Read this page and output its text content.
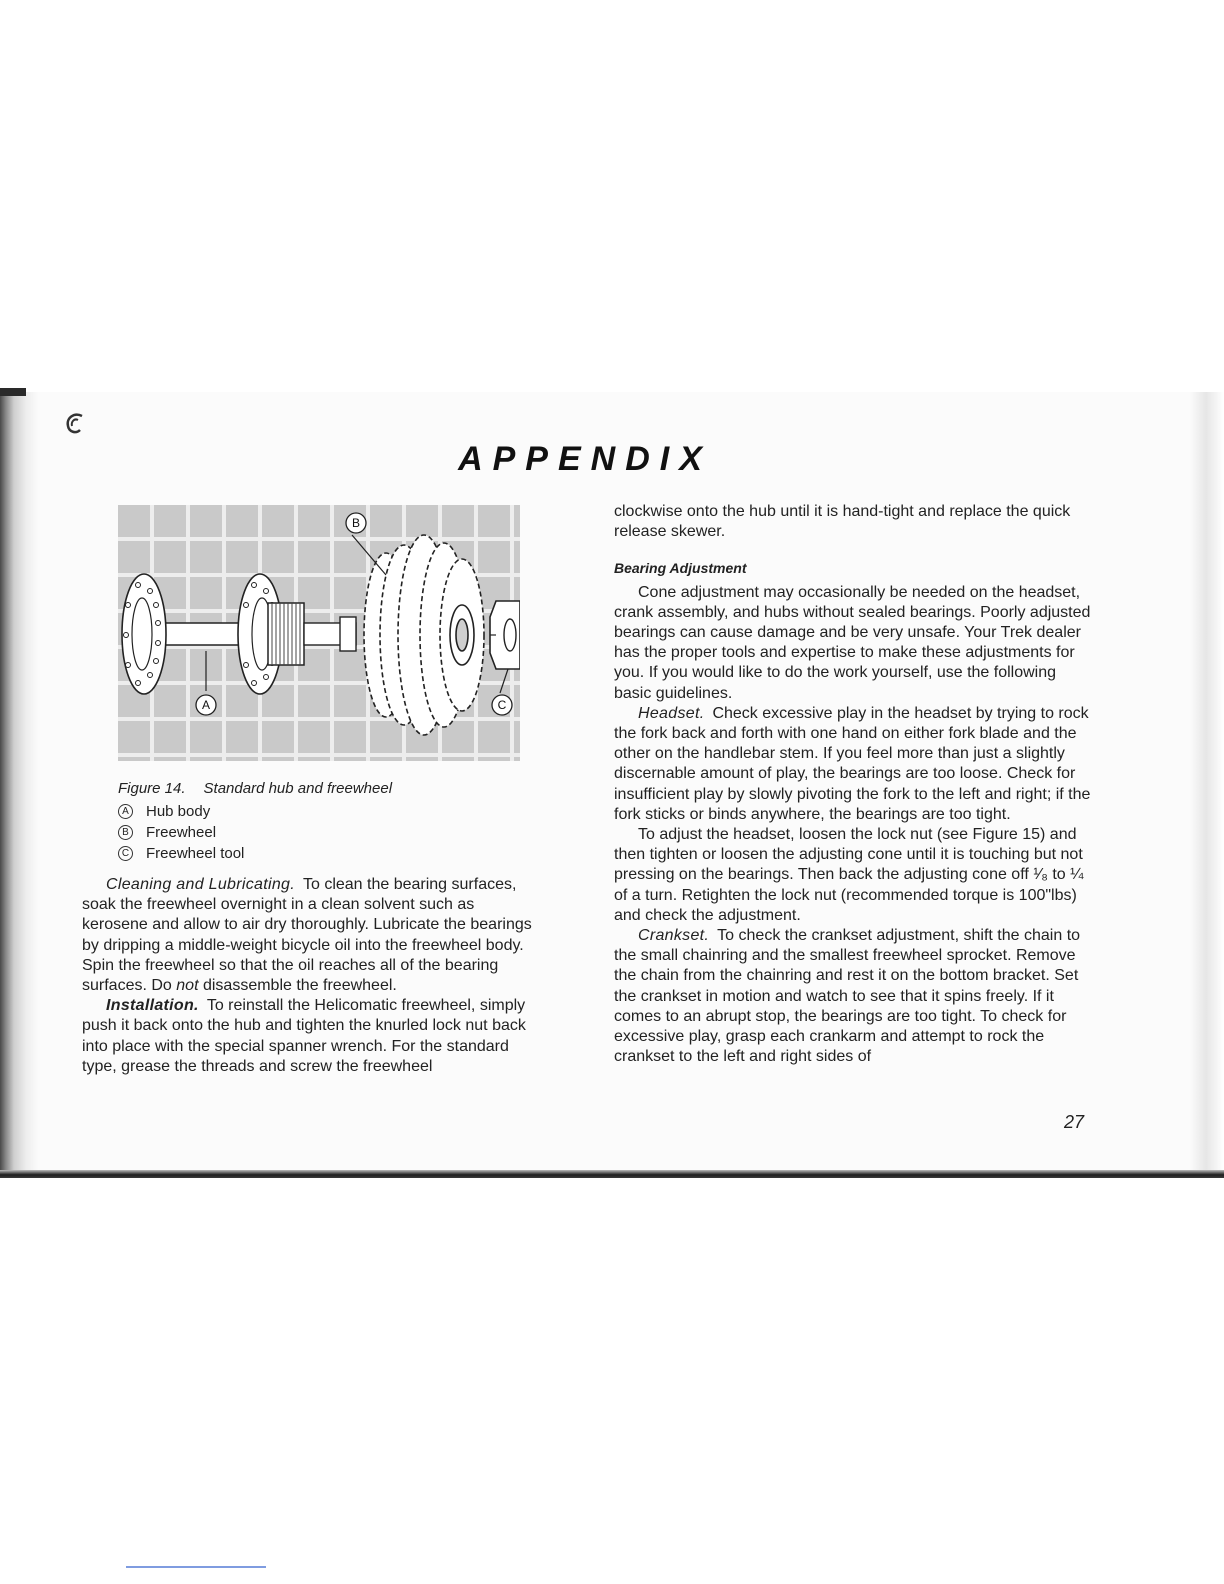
APPENDIX
A
B
C
Figure 14. Standard hub and freewheel
A Hub body
B Freewheel
C Freewheel tool

Cleaning and Lubricating. To clean the bearing surfaces, soak the freewheel overnight in a clean solvent such as kerosene and allow to air dry thoroughly. Lubricate the bearings by dripping a middle-weight bicycle oil into the freewheel body. Spin the freewheel so that the oil reaches all of the bearing surfaces. Do not disassemble the freewheel.

Installation. To reinstall the Helicomatic freewheel, simply push it back onto the hub and tighten the knurled lock nut back into place with the special spanner wrench. For the standard type, grease the threads and screw the freewheel

clockwise onto the hub until it is hand-tight and replace the quick release skewer.

Bearing Adjustment

Cone adjustment may occasionally be needed on the headset, crank assembly, and hubs without sealed bearings. Poorly adjusted bearings can cause damage and be very unsafe. Your Trek dealer has the proper tools and expertise to make these adjustments for you. If you would like to do the work yourself, use the following basic guidelines.

Headset. Check excessive play in the headset by trying to rock the fork back and forth with one hand on either fork blade and the other on the handlebar stem. If you feel more than just a slightly discernable amount of play, the bearings are too loose. Check for insufficient play by slowly pivoting the fork to the left and right; if the fork sticks or binds anywhere, the bearings are too tight.

To adjust the headset, loosen the lock nut (see Figure 15) and then tighten or loosen the adjusting cone until it is touching but not pressing on the bearings. Then back the adjusting cone off ¹⁄₈ to ¼ of a turn. Retighten the lock nut (recommended torque is 100"lbs) and check the adjustment.

Crankset. To check the crankset adjustment, shift the chain to the small chainring and the smallest freewheel sprocket. Remove the chain from the chainring and rest it on the bottom bracket. Set the crankset in motion and watch to see that it spins freely. If it comes to an abrupt stop, the bearings are too tight. To check for excessive play, grasp each crankarm and attempt to rock the crankset to the left and right sides of

27
